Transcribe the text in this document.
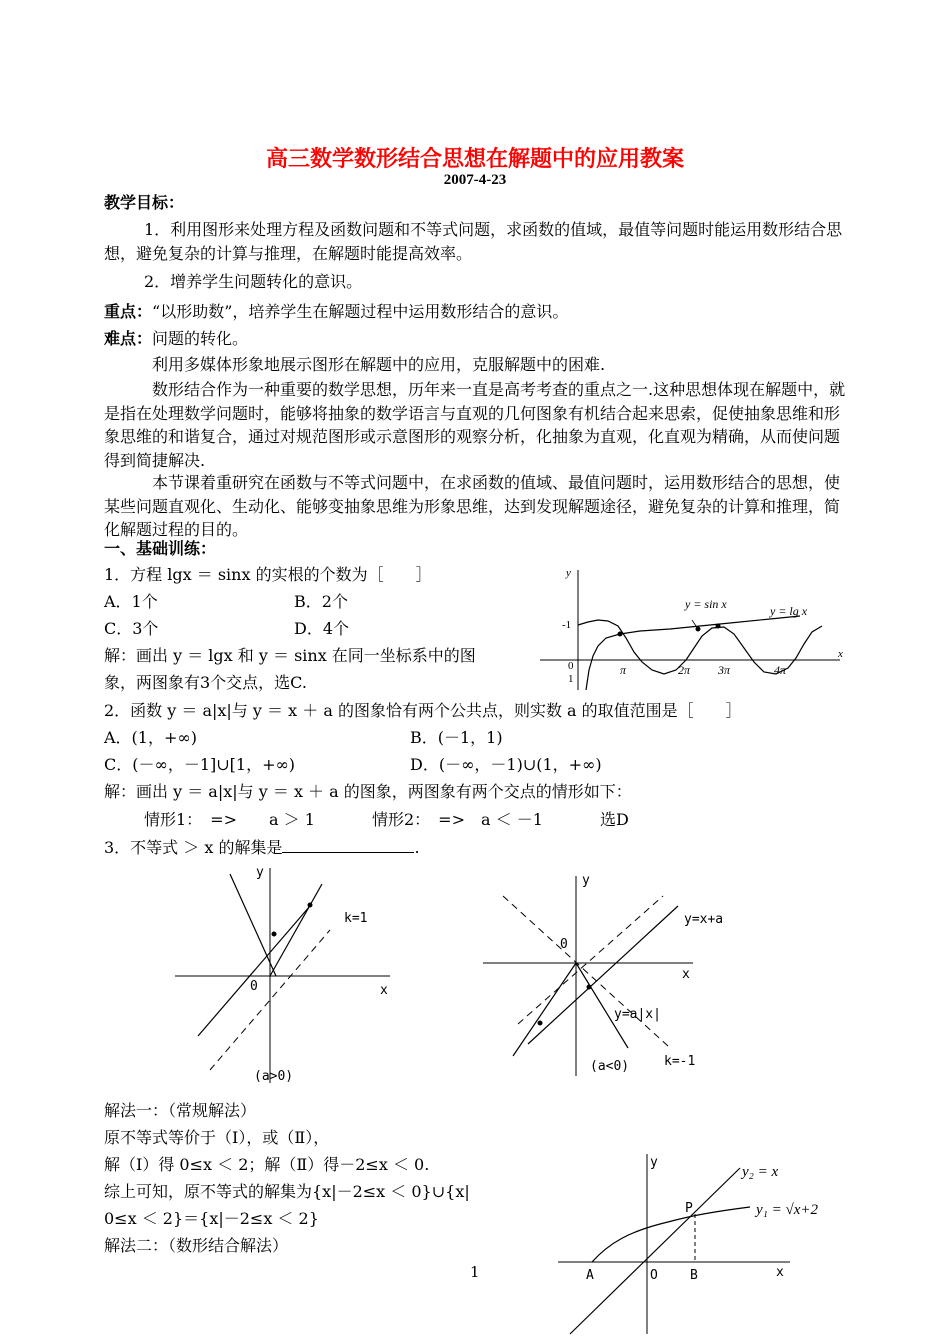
高三数学数形结合思想在解题中的应用教案
2007-4-23
教学目标：
1．利用图形来处理方程及函数问题和不等式问题，求函数的值域，最值等问题时能运用数形结合思想，避免复杂的计算与推理，在解题时能提高效率。
2．增养学生问题转化的意识。
重点：“以形助数”，培养学生在解题过程中运用数形结合的意识。
难点：问题的转化。
利用多媒体形象地展示图形在解题中的应用，克服解题中的困难.
数形结合作为一种重要的数学思想，历年来一直是高考考查的重点之一.这种思想体现在解题中，就是指在处理数学问题时，能够将抽象的数学语言与直观的几何图象有机结合起来思索，促使抽象思维和形象思维的和谐复合，通过对规范图形或示意图形的观察分析，化抽象为直观，化直观为精确，从而使问题得到简捷解决.
本节课着重研究在函数与不等式问题中，在求函数的值域、最值问题时，运用数形结合的思想，使某些问题直观化、生动化、能够变抽象思维为形象思维，达到发现解题途径，避免复杂的计算和推理，简化解题过程的目的。
一、基础训练：
1．方程 lgx ＝ sinx 的实根的个数为［　　］
A．1个	B．2个
C．3个	D．4个
解：画出 y ＝ lgx 和 y ＝ sinx 在同一坐标系中的图
象，两图象有3个交点，选C.
y
x
-1
0
1
π	2π 3π	4π
y = sin x	y = lg x
2．函数 y ＝ a|x|与 y ＝ x ＋ a 的图象恰有两个公共点，则实数 a 的取值范围是［　　］
A．(1，+∞)	B．(－1，1)
C．(－∞，－1]∪[1，+∞)	D．(－∞，－1)∪(1，+∞)
解：画出 y ＝ a|x|与 y ＝ x ＋ a 的图象，两图象有两个交点的情形如下：
情形1：　=>　　a ＞ 1	情形2：　=>　a ＜ －1	选D
3．不等式 ＞ x 的解集是	.
y
x
0
k=1
(a>0)
y
x
0
y=x+a
y=a|x|
k=-1
(a<0)
解法一：（常规解法）
原不等式等价于（Ⅰ），或（Ⅱ），
解（Ⅰ）得 0≤x ＜ 2；解（Ⅱ）得－2≤x ＜ 0.
综上可知，原不等式的解集为{x|－2≤x ＜ 0}∪{x|
0≤x ＜ 2}＝{x|－2≤x ＜ 2}
解法二：（数形结合解法）
y
x
y₂ = x
y₁ = √x+2
P
A	O B
1
